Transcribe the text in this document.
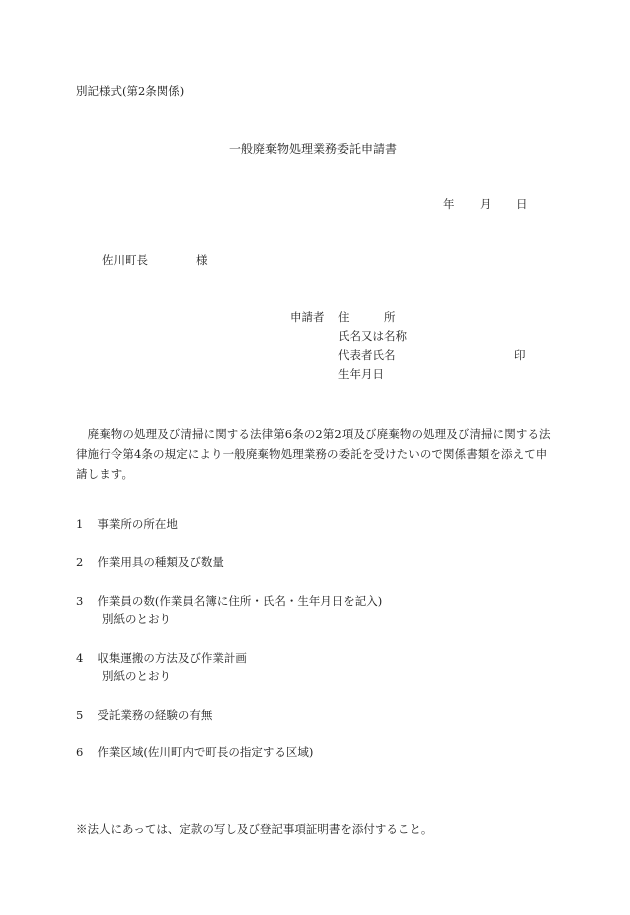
別記様式(第2条関係)
一般廃棄物処理業務委託申請書
年 月 日
佐川町長	様
申請者 住　　　所
氏名又は名称
代表者氏名	印
生年月日
　廃棄物の処理及び清掃に関する法律第6条の2第2項及び廃棄物の処理及び清掃に関する法律施行令第4条の規定により一般廃棄物処理業務の委託を受けたいので関係書類を添えて申請します。
1 事業所の所在地
2 作業用具の種類及び数量
3 作業員の数(作業員名簿に住所・氏名・生年月日を記入)
別紙のとおり
4 収集運搬の方法及び作業計画
別紙のとおり
5 受託業務の経験の有無
6 作業区域(佐川町内で町長の指定する区域)
※法人にあっては、定款の写し及び登記事項証明書を添付すること。
